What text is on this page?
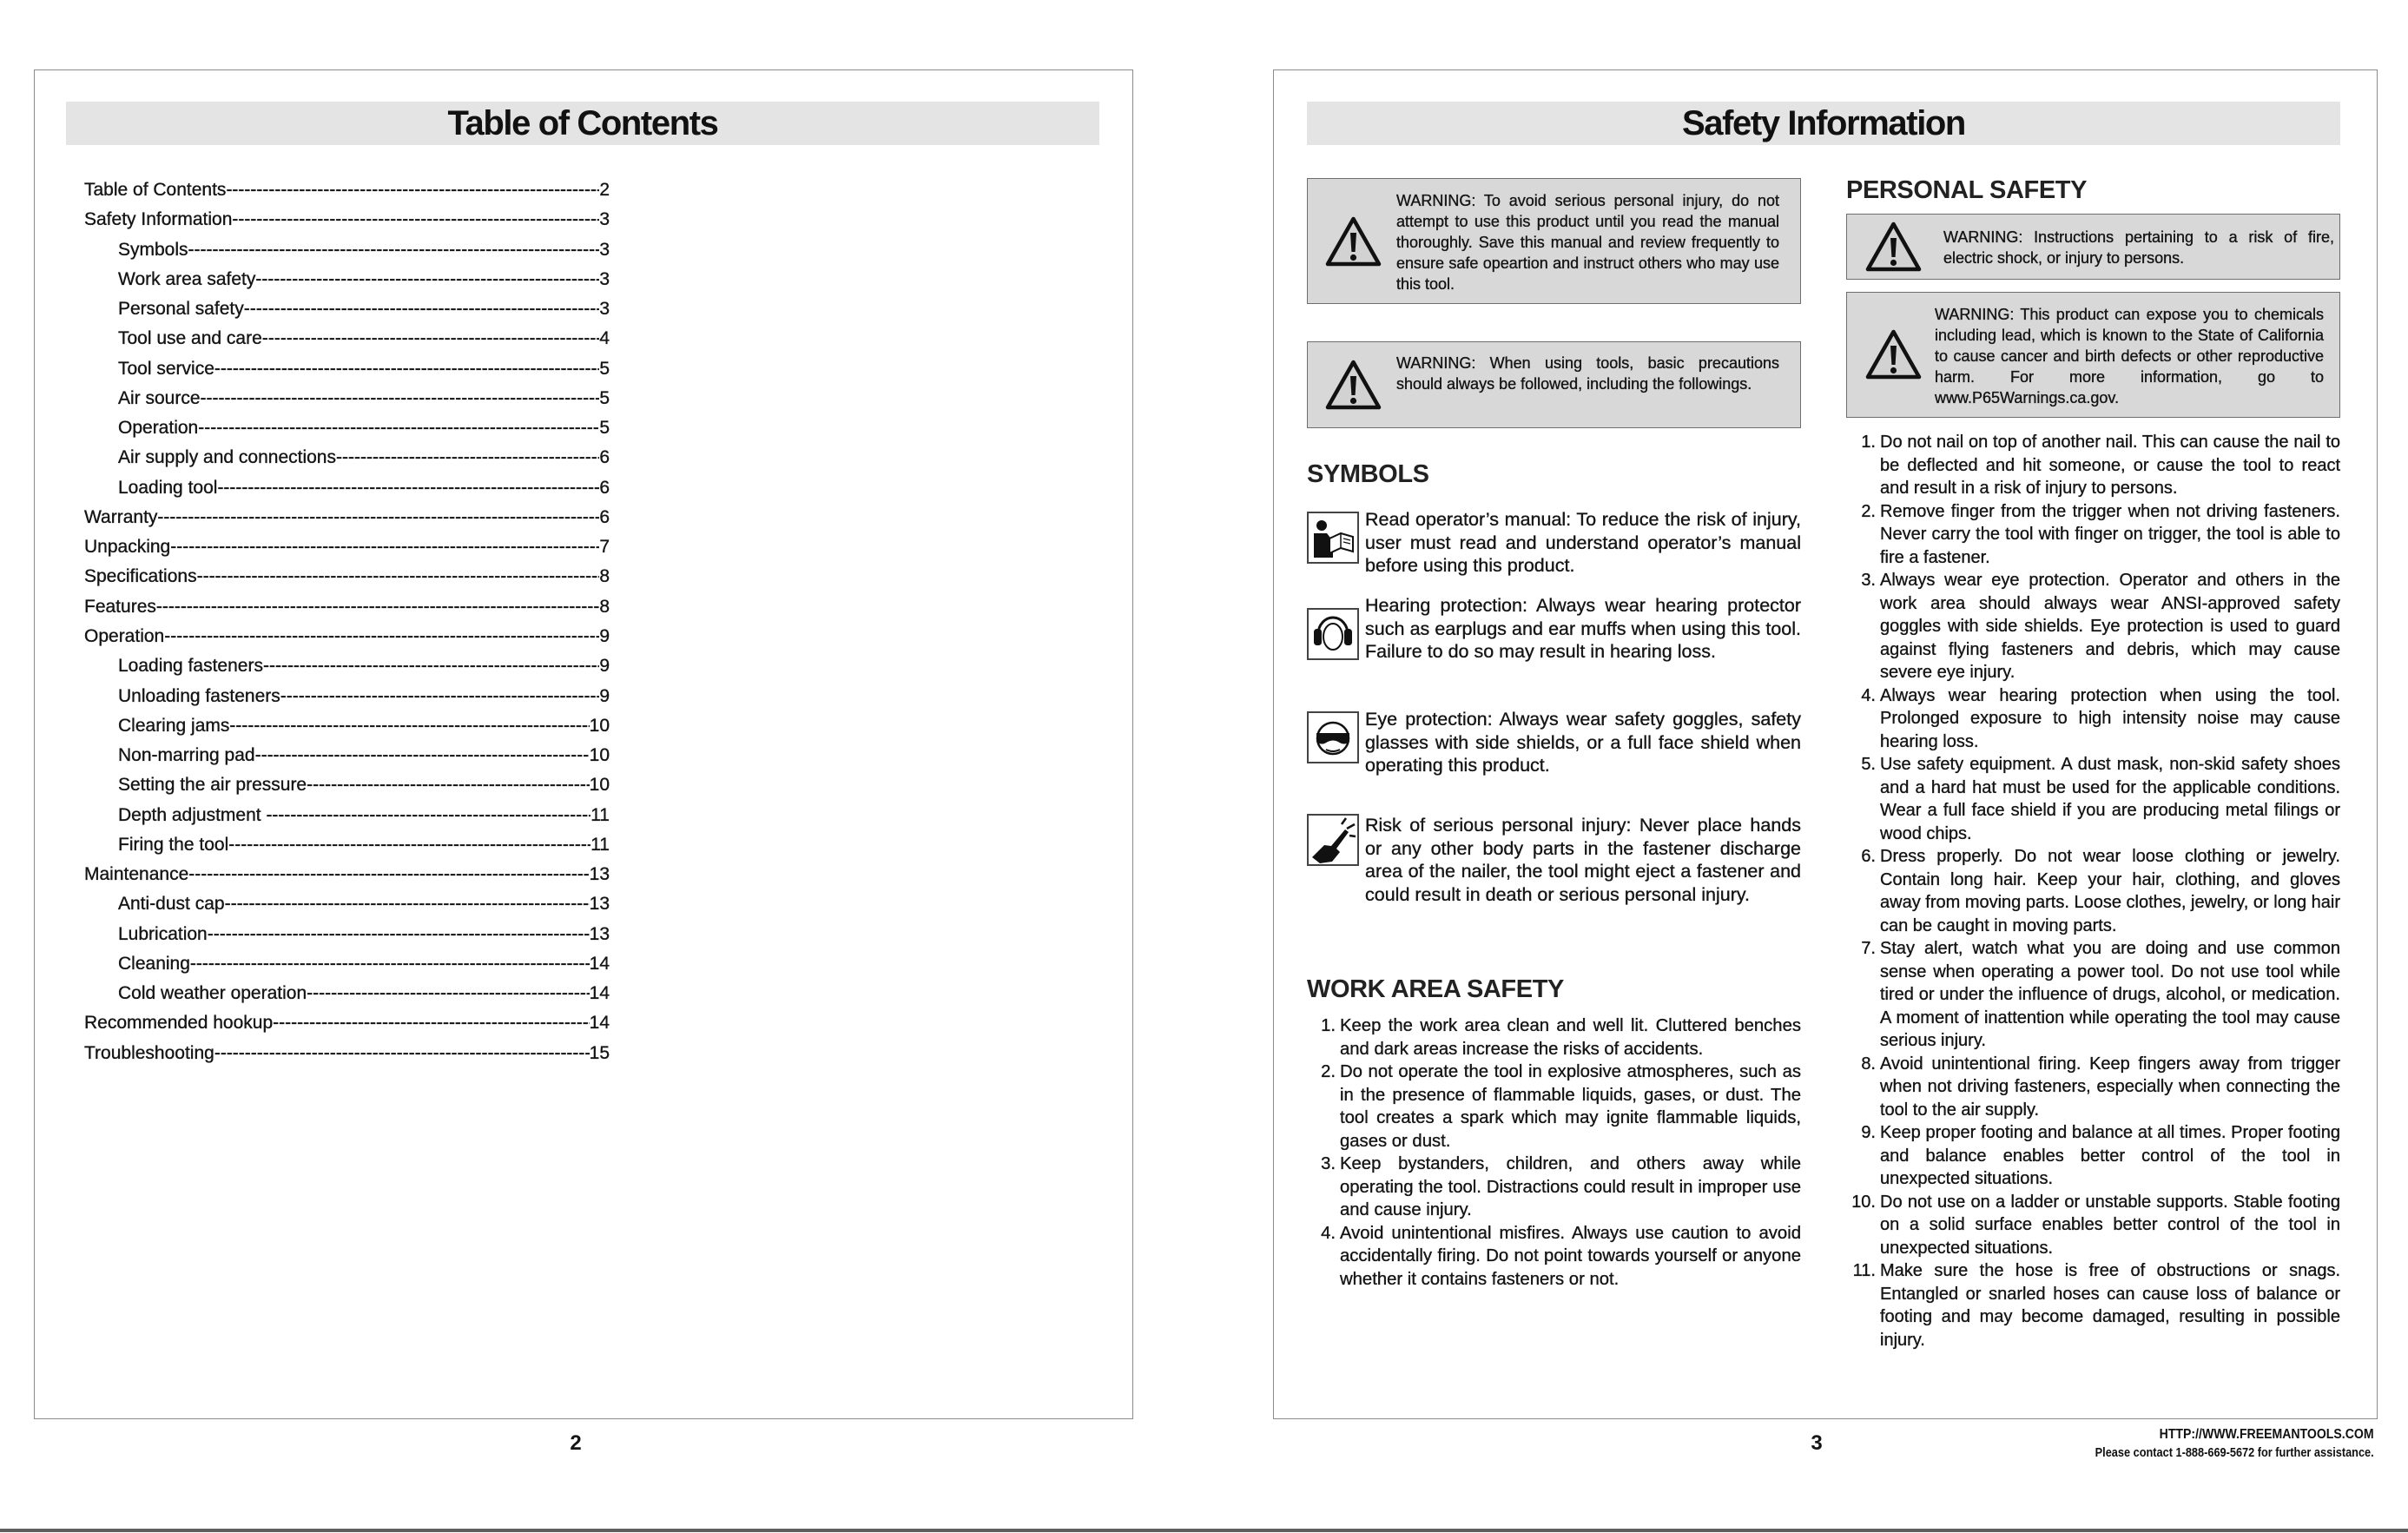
Table of Contents
Table of Contents -----	2
Safety Information -----	3
Symbols -----	3
Work area safety -----	3
Personal safety -----	3
Tool use and care -----	4
Tool service -----	5
Air source -----	5
Operation -----	5
Air supply and connections -----	6
Loading tool -----	6
Warranty -----	6
Unpacking -----	7
Specifications -----	8
Features -----	8
Operation -----	9
Loading fasteners -----	9
Unloading fasteners -----	9
Clearing jams -----	10
Non-marring pad -----	10
Setting the air pressure -----	10
Depth adjustment -----	11
Firing the tool -----	11
Maintenance -----	13
Anti-dust cap -----	13
Lubrication -----	13
Cleaning -----	14
Cold weather operation -----	14
Recommended hookup -----	14
Troubleshooting -----	15
2
Safety Information
WARNING: To avoid serious personal injury, do not attempt to use this product until you read the manual thoroughly. Save this manual and review frequently to ensure safe opeartion and instruct others who may use this tool.
WARNING: When using tools, basic precautions should always be followed, including the followings.
SYMBOLS
Read operator’s manual: To reduce the risk of injury, user must read and understand operator’s manual before using this product.
Hearing protection: Always wear hearing protector such as earplugs and ear muffs when using this tool. Failure to do so may result in hearing loss.
Eye protection: Always wear safety goggles, safety glasses with side shields, or a full face shield when operating this product.
Risk of serious personal injury: Never place hands or any other body parts in the fastener discharge area of the nailer, the tool might eject a fastener and could result in death or serious personal injury.
WORK AREA SAFETY
1. Keep the work area clean and well lit. Cluttered benches and dark areas increase the risks of accidents.
2. Do not operate the tool in explosive atmospheres, such as in the presence of flammable liquids, gases, or dust. The tool creates a spark which may ignite flammable liquids, gases or dust.
3. Keep bystanders, children, and others away while operating the tool. Distractions could result in improper use and cause injury.
4. Avoid unintentional misfires. Always use caution to avoid accidentally firing. Do not point towards yourself or anyone whether it contains fasteners or not.
PERSONAL SAFETY
WARNING: Instructions pertaining to a risk of fire, electric shock, or injury to persons.
WARNING: This product can expose you to chemicals including lead, which is known to the State of California to cause cancer and birth defects or other reproductive harm. For more information, go to www.P65Warnings.ca.gov.
1. Do not nail on top of another nail. This can cause the nail to be deflected and hit someone, or cause the tool to react and result in a risk of injury to persons.
2. Remove finger from the trigger when not driving fasteners. Never carry the tool with finger on trigger, the tool is able to fire a fastener.
3. Always wear eye protection. Operator and others in the work area should always wear ANSI-approved safety goggles with side shields. Eye protection is used to guard against flying fasteners and debris, which may cause severe eye injury.
4. Always wear hearing protection when using the tool. Prolonged exposure to high intensity noise may cause hearing loss.
5. Use safety equipment. A dust mask, non-skid safety shoes and a hard hat must be used for the applicable conditions. Wear a full face shield if you are producing metal filings or wood chips.
6. Dress properly. Do not wear loose clothing or jewelry. Contain long hair. Keep your hair, clothing, and gloves away from moving parts. Loose clothes, jewelry, or long hair can be caught in moving parts.
7. Stay alert, watch what you are doing and use common sense when operating a power tool. Do not use tool while tired or under the influence of drugs, alcohol, or medication. A moment of inattention while operating the tool may cause serious injury.
8. Avoid unintentional firing. Keep fingers away from trigger when not driving fasteners, especially when connecting the tool to the air supply.
9. Keep proper footing and balance at all times. Proper footing and balance enables better control of the tool in unexpected situations.
10. Do not use on a ladder or unstable supports. Stable footing on a solid surface enables better control of the tool in unexpected situations.
11. Make sure the hose is free of obstructions or snags. Entangled or snarled hoses can cause loss of balance or footing and may become damaged, resulting in possible injury.
3	HTTP://WWW.FREEMANTOOLS.COM
Please contact 1-888-669-5672 for further assistance.
